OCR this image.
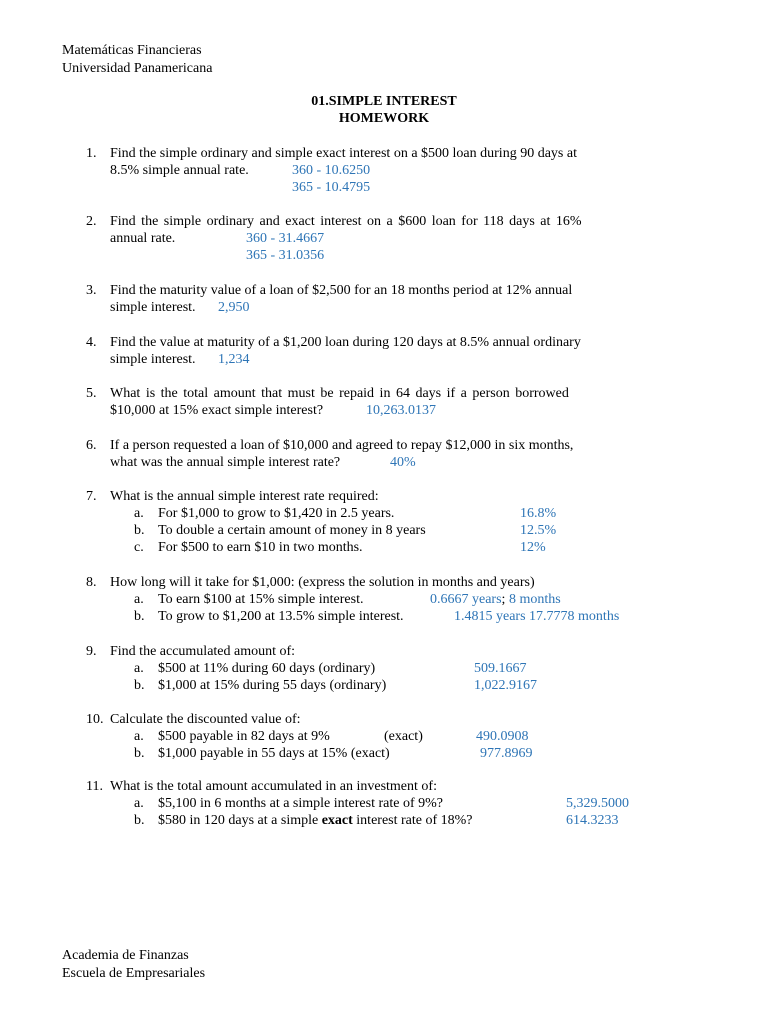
Matemáticas Financieras
Universidad Panamericana
01.SIMPLE INTEREST
HOMEWORK
1. Find the simple ordinary and simple exact interest on a $500 loan during 90 days at
8.5% simple annual rate.	360 - 10.6250
365 - 10.4795
2. Find the simple ordinary and exact interest on a $600 loan for 118 days at 16%
annual rate.	360 - 31.4667
365 - 31.0356
3. Find the maturity value of a loan of $2,500 for an 18 months period at 12% annual
simple interest. 2,950
4. Find the value at maturity of a $1,200 loan during 120 days at 8.5% annual ordinary
simple interest. 1,234
5. What is the total amount that must be repaid in 64 days if a person borrowed
$10,000 at 15% exact simple interest?	10,263.0137
6. If a person requested a loan of $10,000 and agreed to repay $12,000 in six months,
what was the annual simple interest rate?	40%
7. What is the annual simple interest rate required:
a. For $1,000 to grow to $1,420 in 2.5 years.	16.8%
b. To double a certain amount of money in 8 years	12.5%
c. For $500 to earn $10 in two months.	12%
8. How long will it take for $1,000: (express the solution in months and years)
a. To earn $100 at 15% simple interest.	0.6667 years; 8 months
b. To grow to $1,200 at 13.5% simple interest.	1.4815 years 17.7778 months
9. Find the accumulated amount of:
a. $500 at 11% during 60 days (ordinary)	509.1667
b. $1,000 at 15% during 55 days (ordinary)	1,022.9167
10. Calculate the discounted value of:
a. $500 payable in 82 days at 9%	(exact)	490.0908
b. $1,000 payable in 55 days at 15% (exact)	977.8969
11. What is the total amount accumulated in an investment of:
a. $5,100 in 6 months at a simple interest rate of 9%?	5,329.5000
b. $580 in 120 days at a simple exact interest rate of 18%?	614.3233
Academia de Finanzas
Escuela de Empresariales
